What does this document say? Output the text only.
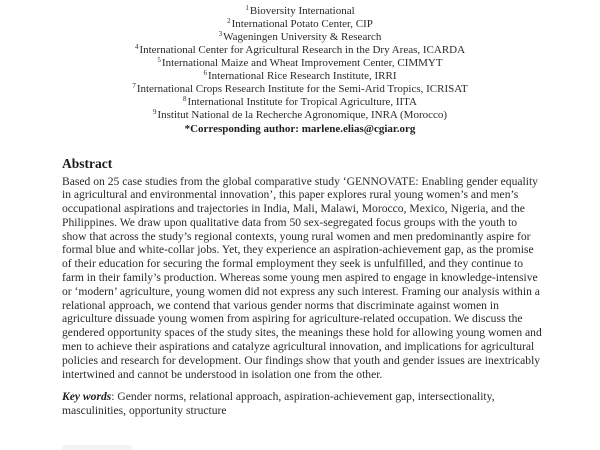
$^1$Bioversity International
$^2$International Potato Center, CIP
$^3$Wageningen University & Research
$^4$International Center for Agricultural Research in the Dry Areas, ICARDA
$^5$International Maize and Wheat Improvement Center, CIMMYT
$^6$International Rice Research Institute, IRRI
$^7$International Crops Research Institute for the Semi-Arid Tropics, ICRISAT
$^8$International Institute for Tropical Agriculture, IITA
$^9$Institut National de la Recherche Agronomique, INRA (Morocco)
*Corresponding author: marlene.elias@cgiar.org
Abstract
Based on 25 case studies from the global comparative study ‘GENNOVATE: Enabling gender equality in agricultural and environmental innovation’, this paper explores rural young women’s and men’s occupational aspirations and trajectories in India, Mali, Malawi, Morocco, Mexico, Nigeria, and the Philippines. We draw upon qualitative data from 50 sex-segregated focus groups with the youth to show that across the study’s regional contexts, young rural women and men predominantly aspire for formal blue and white-collar jobs. Yet, they experience an aspiration-achievement gap, as the promise of their education for securing the formal employment they seek is unfulfilled, and they continue to farm in their family’s production. Whereas some young men aspired to engage in knowledge-intensive or ‘modern’ agriculture, young women did not express any such interest. Framing our analysis within a relational approach, we contend that various gender norms that discriminate against women in agriculture dissuade young women from aspiring for agriculture-related occupation. We discuss the gendered opportunity spaces of the study sites, the meanings these hold for allowing young women and men to achieve their aspirations and catalyze agricultural innovation, and implications for agricultural policies and research for development. Our findings show that youth and gender issues are inextricably intertwined and cannot be understood in isolation one from the other.
Key words: Gender norms, relational approach, aspiration-achievement gap, intersectionality, masculinities, opportunity structure
